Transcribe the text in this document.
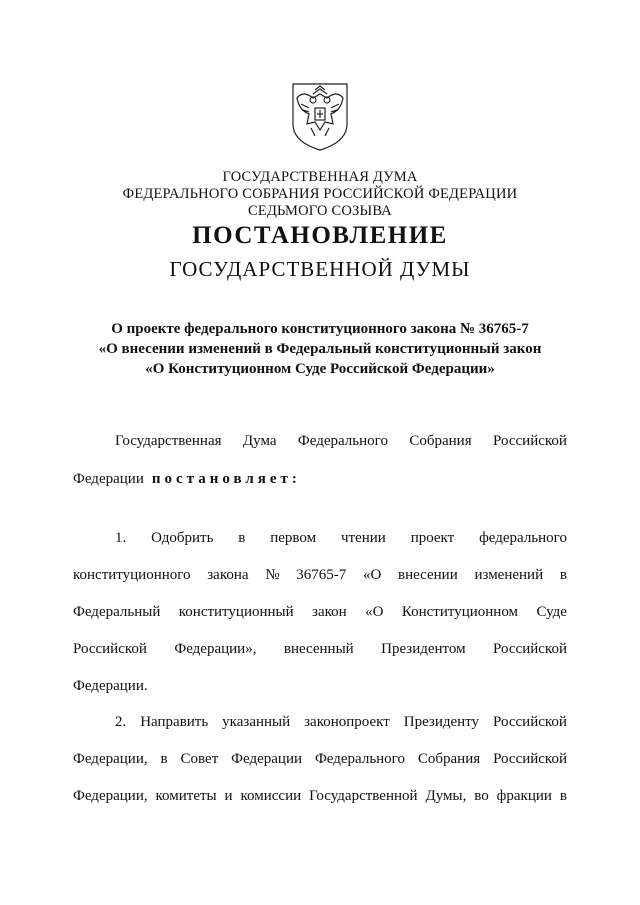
ГОСУДАРСТВЕННАЯ ДУМА
ФЕДЕРАЛЬНОГО СОБРАНИЯ РОССИЙСКОЙ ФЕДЕРАЦИИ
СЕДЬМОГО СОЗЫВА
ПОСТАНОВЛЕНИЕ
ГОСУДАРСТВЕННОЙ ДУМЫ
О проекте федерального конституционного закона № 36765-7
«О внесении изменений в Федеральный конституционный закон
«О Конституционном Суде Российской Федерации»
Государственная Дума Федерального Собрания Российской
Федерации постановляет:
1. Одобрить в первом чтении проект федерального
конституционного закона № 36765-7 «О внесении изменений в
Федеральный конституционный закон «О Конституционном Суде
Российской Федерации», внесенный Президентом Российской
Федерации.
2. Направить указанный законопроект Президенту Российской
Федерации, в Совет Федерации Федерального Собрания Российской
Федерации, комитеты и комиссии Государственной Думы, во фракции в
